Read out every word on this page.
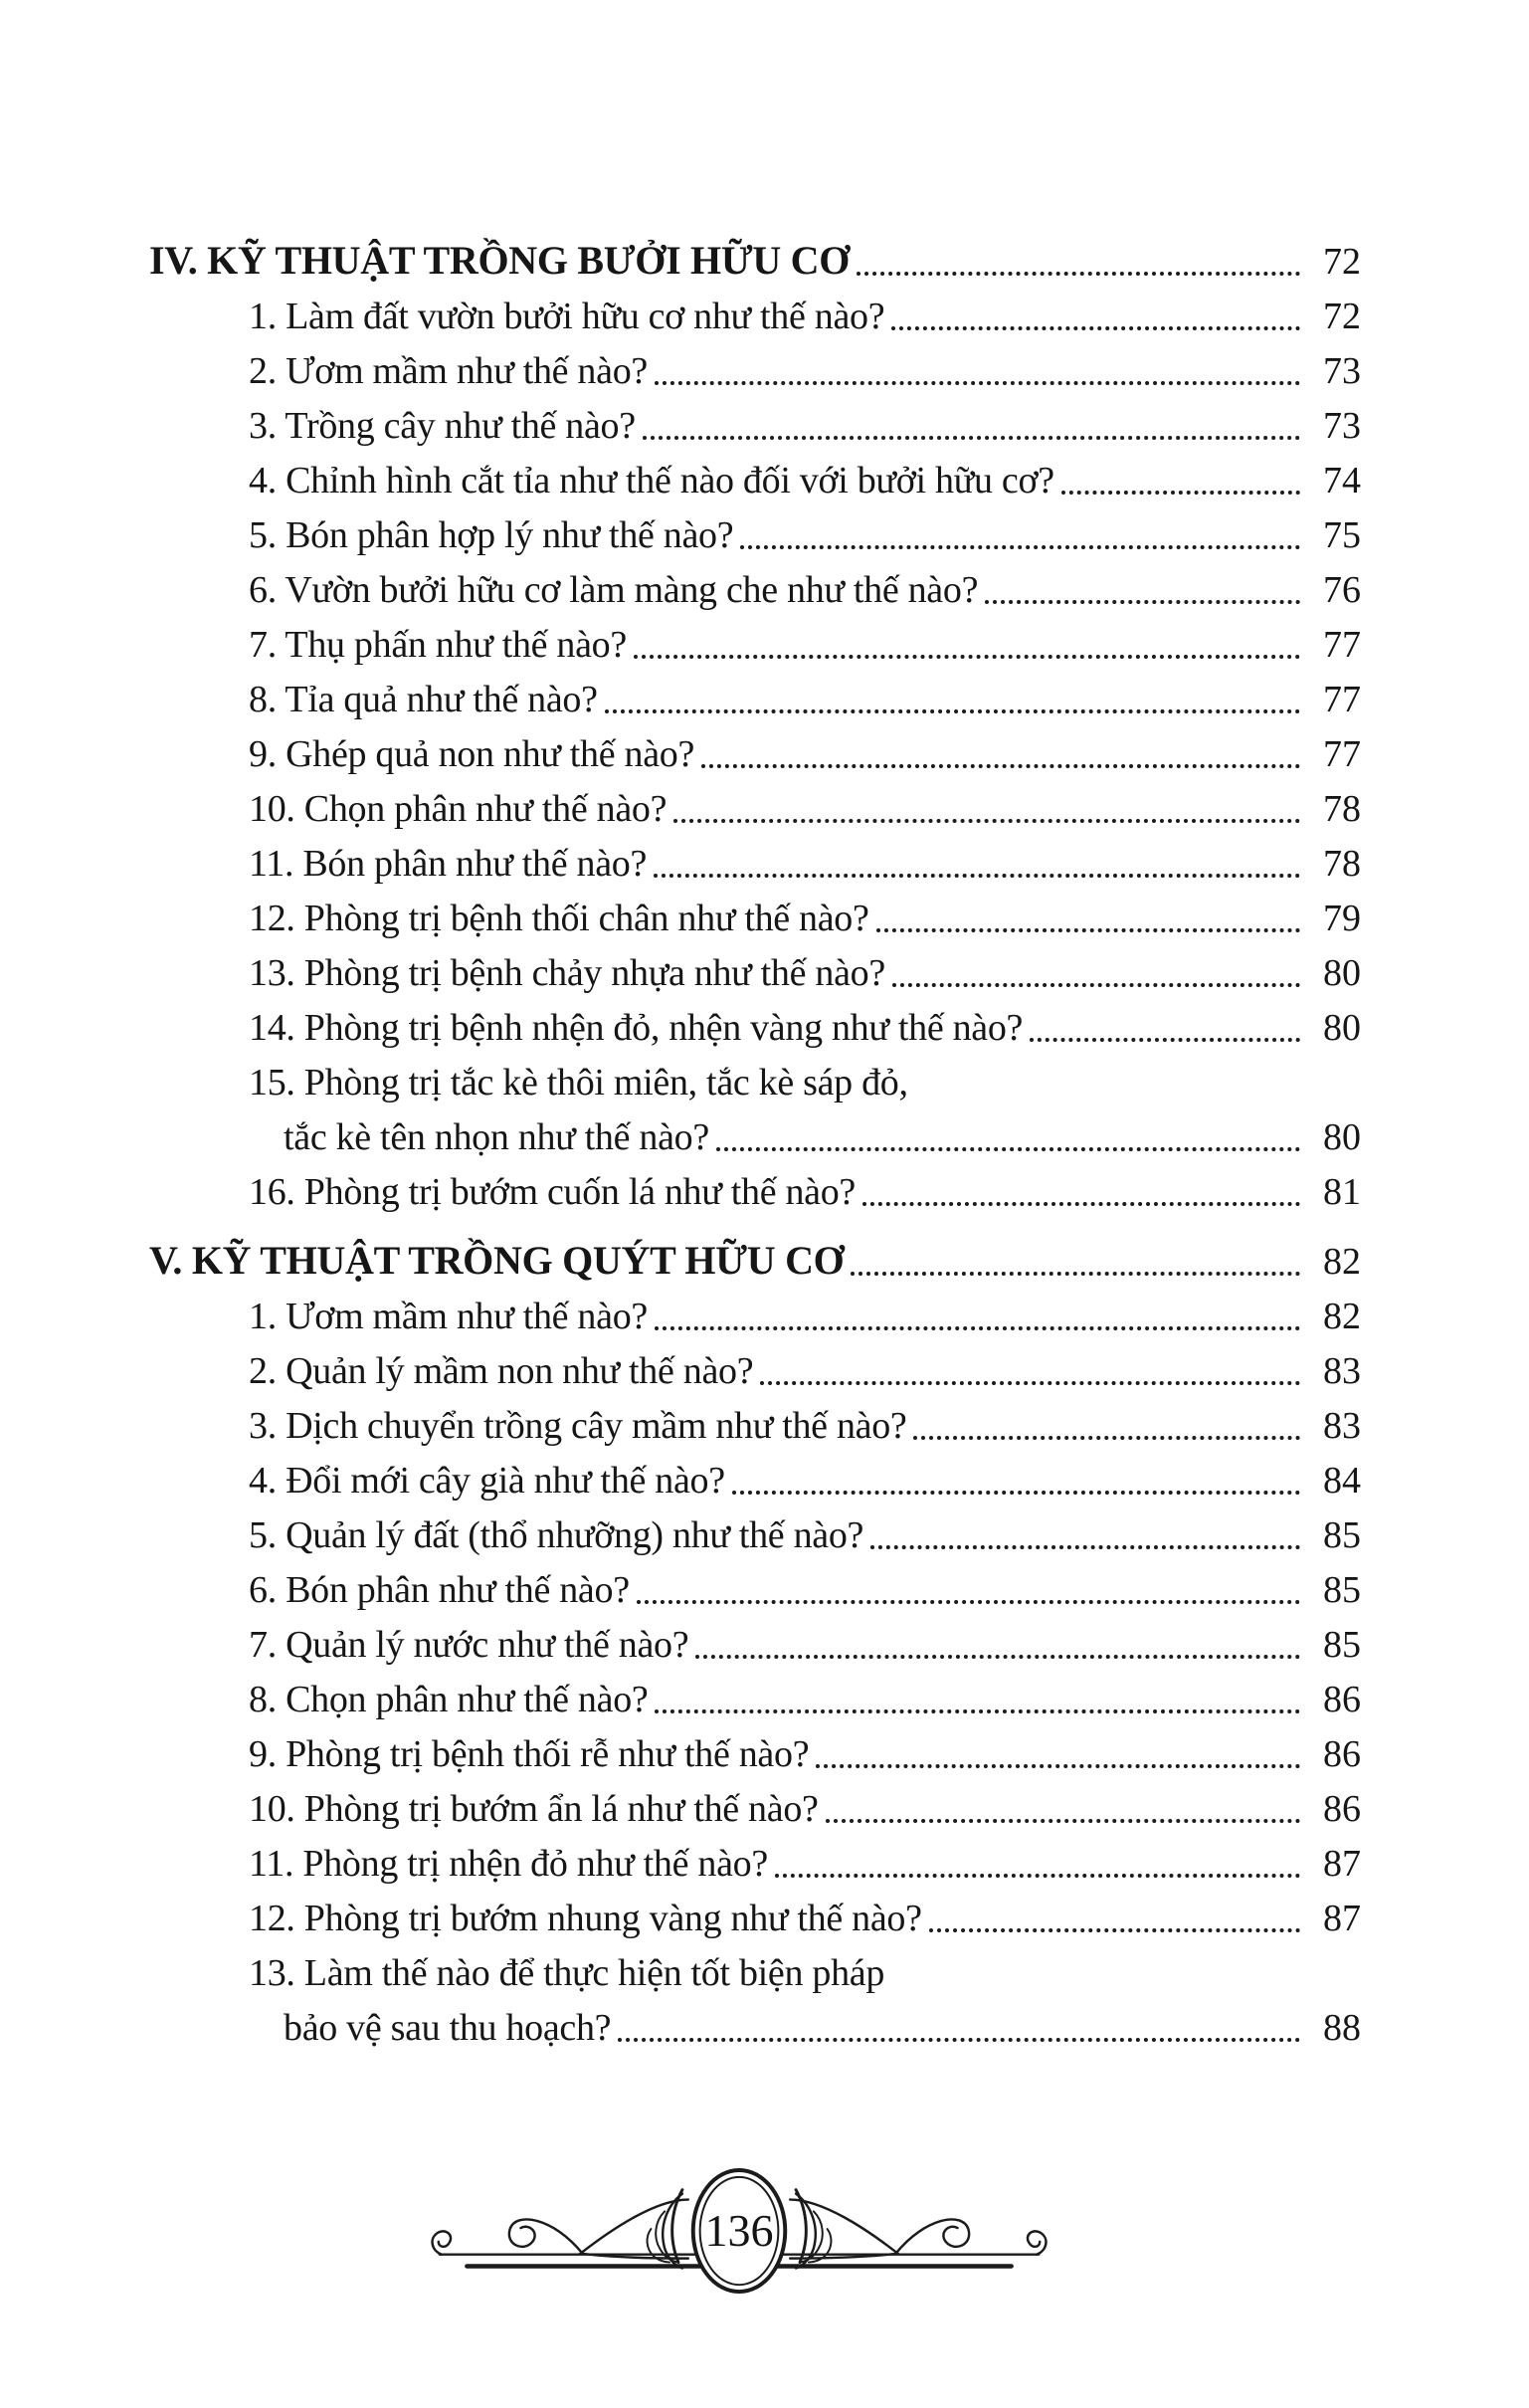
IV. KỸ THUẬT TRỒNG BƯỞI HỮU CƠ	72
1. Làm đất vườn bưởi hữu cơ như thế nào?	72
2. Ươm mầm như thế nào?	73
3. Trồng cây như thế nào?	73
4. Chỉnh hình cắt tỉa như thế nào đối với bưởi hữu cơ?	74
5. Bón phân hợp lý như thế nào?	75
6. Vườn bưởi hữu cơ làm màng che như thế nào?	76
7. Thụ phấn như thế nào?	77
8. Tỉa quả như thế nào?	77
9. Ghép quả non như thế nào?	77
10. Chọn phân như thế nào?	78
11. Bón phân như thế nào?	78
12. Phòng trị bệnh thối chân như thế nào?	79
13. Phòng trị bệnh chảy nhựa như thế nào?	80
14. Phòng trị bệnh nhện đỏ, nhện vàng như thế nào?	80
15. Phòng trị tắc kè thôi miên, tắc kè sáp đỏ,
tắc kè tên nhọn như thế nào?	80
16. Phòng trị bướm cuốn lá như thế nào?	81
V. KỸ THUẬT TRỒNG QUÝT HỮU CƠ	82
1. Ươm mầm như thế nào?	82
2. Quản lý mầm non như thế nào?	83
3. Dịch chuyển trồng cây mầm như thế nào?	83
4. Đổi mới cây già như thế nào?	84
5. Quản lý đất (thổ nhưỡng) như thế nào?	85
6. Bón phân như thế nào?	85
7. Quản lý nước như thế nào?	85
8. Chọn phân như thế nào?	86
9. Phòng trị bệnh thối rễ như thế nào?	86
10. Phòng trị bướm ẩn lá như thế nào?	86
11. Phòng trị nhện đỏ như thế nào?	87
12. Phòng trị bướm nhung vàng như thế nào?	87
13. Làm thế nào để thực hiện tốt biện pháp
bảo vệ sau thu hoạch?	88
136
